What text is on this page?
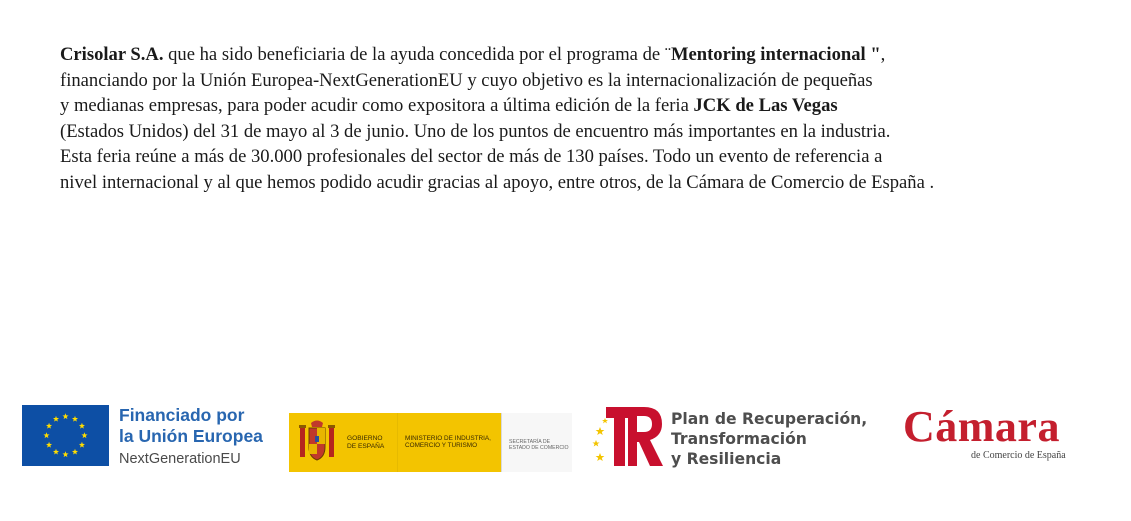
Crisolar S.A. que ha sido beneficiaria de la ayuda concedida por el programa de ¨Mentoring internacional ",
financiando por la Unión Europea-NextGenerationEU y cuyo objetivo es la internacionalización de pequeñas
y medianas empresas, para poder acudir como expositora a última edición de la feria JCK de Las Vegas
(Estados Unidos) del 31 de mayo al 3 de junio. Uno de los puntos de encuentro más importantes en la industria.
Esta feria reúne a más de 30.000 profesionales del sector de más de 130 países. Todo un evento de referencia a
nivel internacional y al que hemos podido acudir gracias al apoyo, entre otros, de la Cámara de Comercio de España .
Financiado por
la Unión Europea
NextGenerationEU
GOBIERNO DE ESPAÑA
MINISTERIO DE INDUSTRIA, COMERCIO Y TURISMO
SECRETARÍA DE ESTADO DE COMERCIO
Plan de Recuperación,
Transformación
y Resiliencia
Cámara
de Comercio de España
